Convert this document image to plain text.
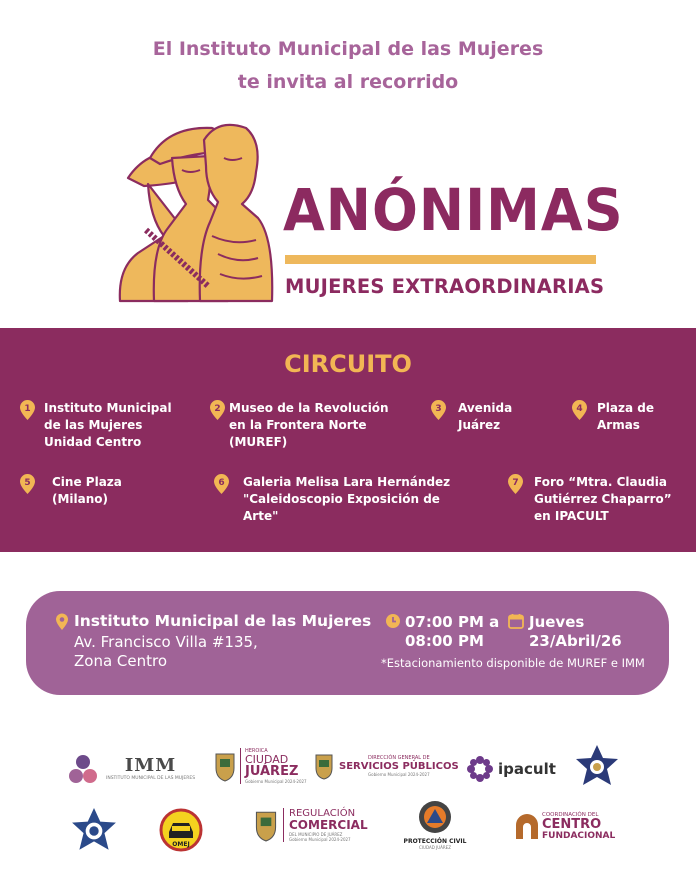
El Instituto Municipal de las Mujeres
te invita al recorrido
ANÓNIMAS
MUJERES EXTRAORDINARIAS
CIRCUITO
1 Instituto Municipal
de las Mujeres
Unidad Centro
2 Museo de la Revolución
en la Frontera Norte
(MUREF)
3 Avenida
Juárez
4 Plaza de
Armas
5 Cine Plaza
(Milano)
6 Galeria Melisa Lara Hernández
"Caleidoscopio Exposición de
Arte"
7 Foro “Mtra. Claudia
Gutiérrez Chaparro”
en IPACULT
Instituto Municipal de las Mujeres
Av. Francisco Villa #135,
Zona Centro
07:00 PM a
08:00 PM
Jueves
23/Abril/26
*Estacionamiento disponible de MUREF e IMM
IMM
INSTITUTO MUNICIPAL DE LAS MUJERES
HEROICA
CIUDAD
JUÁREZ
Gobierno Municipal 2024-2027
DIRECCIÓN GENERAL DE
SERVICIOS PÚBLICOS
Gobierno Municipal 2024-2027	ipacult
OMEJ
REGULACIÓN
COMERCIAL
DEL MUNICIPIO DE JUÁREZ
Gobierno Municipal 2024-2027	PROTECCIÓN CIVIL
CIUDAD JUÁREZ
COORDINACIÓN DEL
CENTRO
FUNDACIONAL
